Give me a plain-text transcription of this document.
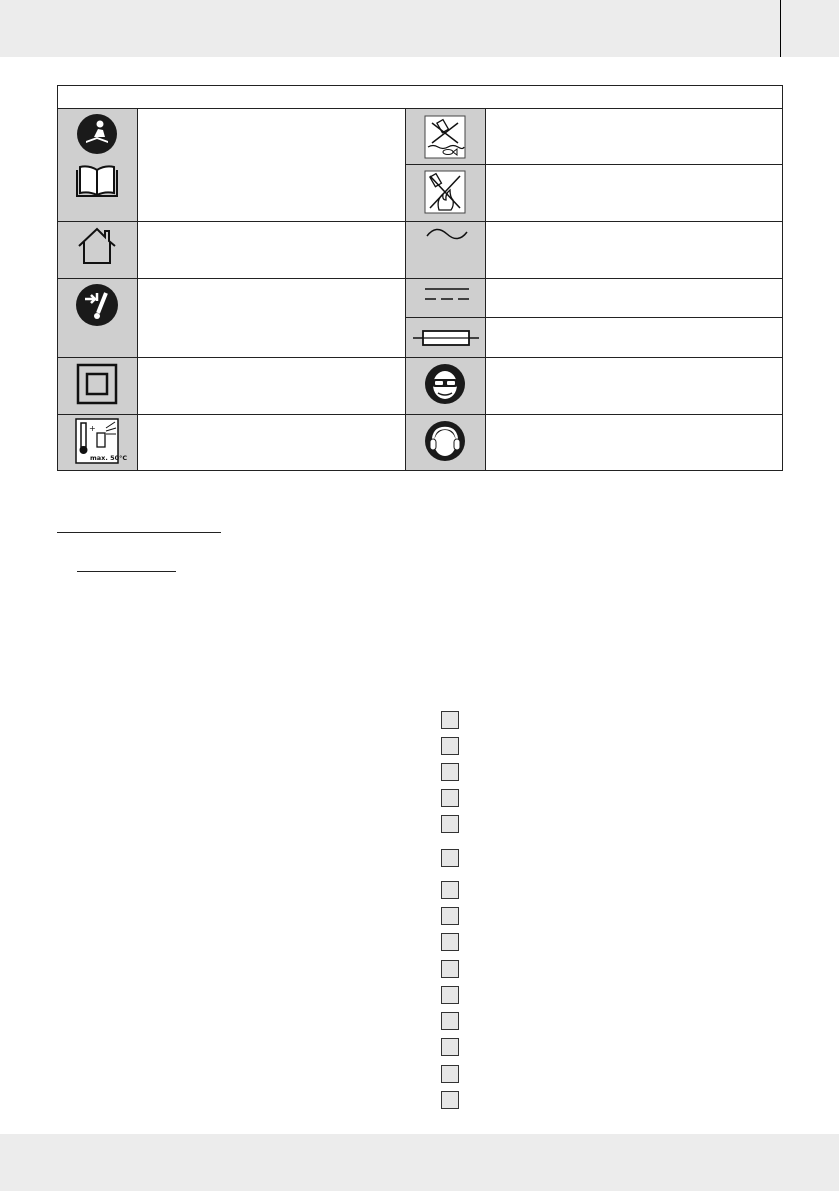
+
max. 50°C
